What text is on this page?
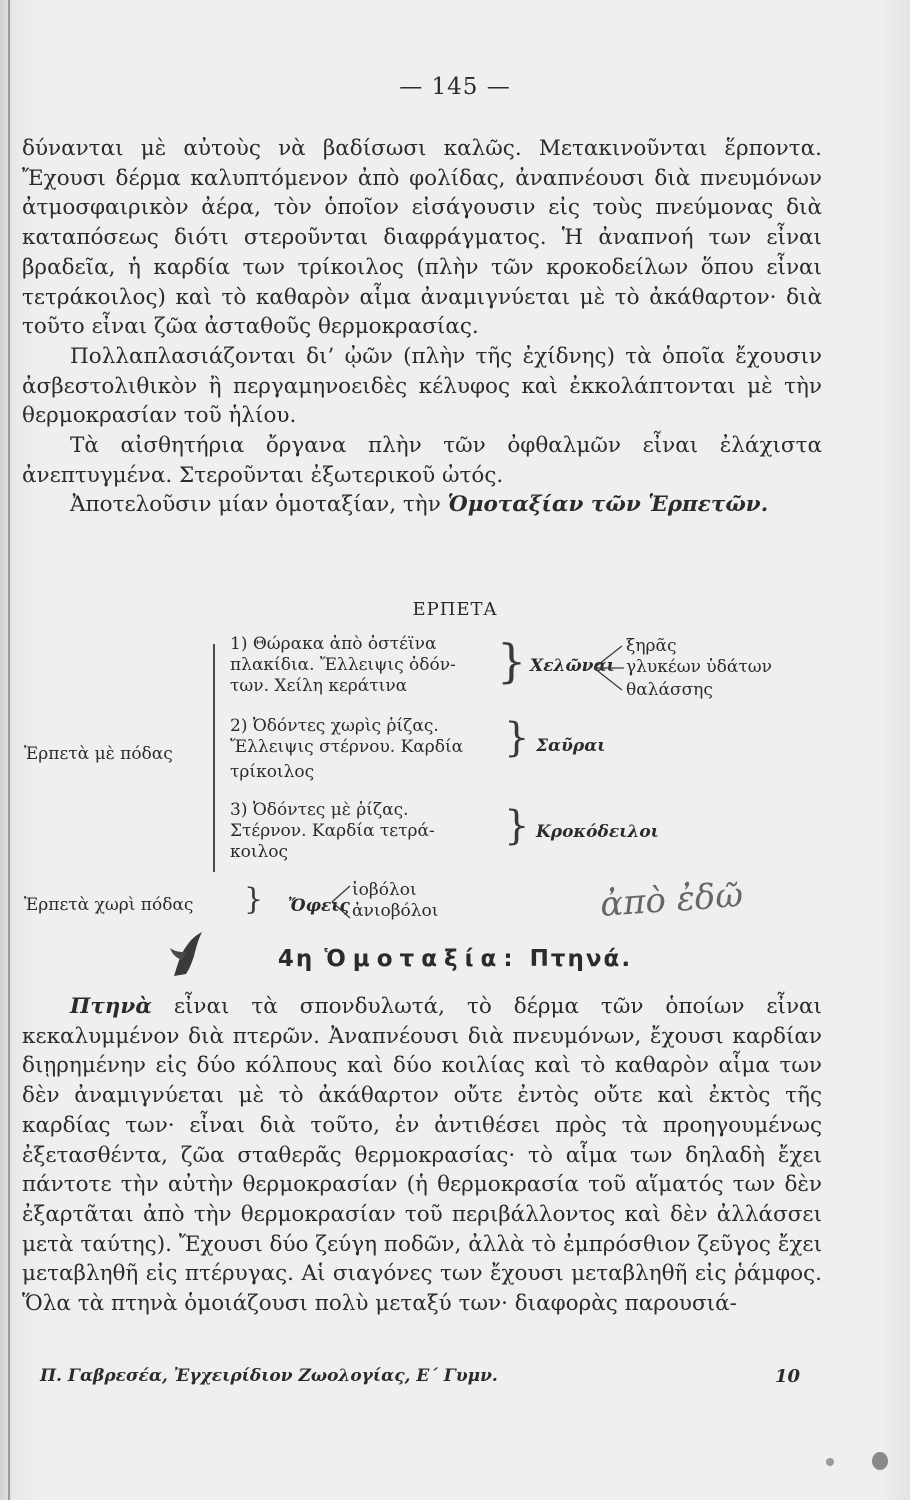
— 145 —

δύνανται μὲ αὐτοὺς νὰ βαδίσωσι καλῶς. Μετακινοῦνται ἕρποντα. Ἔχουσι δέρμα καλυπτόμενον ἀπὸ φολίδας, ἀναπνέουσι διὰ πνευμόνων ἀτμοσφαιρικὸν ἀέρα, τὸν ὁποῖον εἰσάγουσιν εἰς τοὺς πνεύμονας διὰ καταπόσεως διότι στεροῦνται διαφράγματος. Ἡ ἀναπνοή των εἶναι βραδεῖα, ἡ καρδία των τρίκοιλος (πλὴν τῶν κροκοδείλων ὅπου εἶναι τετράκοιλος) καὶ τὸ καθαρὸν αἷμα ἀναμιγνύεται μὲ τὸ ἀκάθαρτον· διὰ τοῦτο εἶναι ζῶα ἀσταθοῦς θερμοκρασίας.

Πολλαπλασιάζονται δι’ ᾠῶν (πλὴν τῆς ἐχίδνης) τὰ ὁποῖα ἔχουσιν ἀσβεστολιθικὸν ἢ περγαμηνοειδὲς κέλυφος καὶ ἐκκολάπτονται μὲ τὴν θερμοκρασίαν τοῦ ἡλίου.

Τὰ αἰσθητήρια ὄργανα πλὴν τῶν ὀφθαλμῶν εἶναι ἐλάχιστα ἀνεπτυγμένα. Στεροῦνται ἐξωτερικοῦ ὠτός.

Ἀποτελοῦσιν μίαν ὁμοταξίαν, τὴν Ὁμοταξίαν τῶν Ἑρπετῶν.

ΕΡΠΕΤΑ
Ἑρπετὰ μὲ πόδας
Ἑρπετὰ χωρὶ πόδας }
1) Θώρακα ἀπὸ ὀστέϊνα
πλακίδια. Ἔλλειψις ὀδόν-
των. Χείλη κεράτινα	} Χελῶναι
ξηρᾶς
γλυκέων ὑδάτων
θαλάσσης
2) Ὀδόντες χωρὶς ῥίζας.
Ἔλλειψις στέρνου. Καρδία
τρίκοιλος
} Σαῦραι
3) Ὀδόντες μὲ ῥίζας.
Στέρνον. Καρδία τετρά-
κοιλος
} Κροκόδειλοι
Ὄφεις
ἰοβόλοι
ἀνιοβόλοι	ἀπὸ ἐδῶ
4η Ὁμοταξία: Πτηνά.

Πτηνὰ εἶναι τὰ σπονδυλωτά, τὸ δέρμα τῶν ὁποίων εἶναι κεκαλυμμένον διὰ πτερῶν. Ἀναπνέουσι διὰ πνευμόνων, ἔχουσι καρδίαν διῃρημένην εἰς δύο κόλπους καὶ δύο κοιλίας καὶ τὸ καθαρὸν αἷμα των δὲν ἀναμιγνύεται μὲ τὸ ἀκάθαρτον οὔτε ἐντὸς οὔτε καὶ ἐκτὸς τῆς καρδίας των· εἶναι διὰ τοῦτο, ἐν ἀντιθέσει πρὸς τὰ προηγουμένως ἐξετασθέντα, ζῶα σταθερᾶς θερμοκρασίας· τὸ αἷμα των δηλαδὴ ἔχει πάντοτε τὴν αὐτὴν θερμοκρασίαν (ἡ θερμοκρασία τοῦ αἵματός των δὲν ἐξαρτᾶται ἀπὸ τὴν θερμοκρασίαν τοῦ περιβάλλοντος καὶ δὲν ἀλλάσσει μετὰ ταύτης). Ἔχουσι δύο ζεύγη ποδῶν, ἀλλὰ τὸ ἐμπρόσθιον ζεῦγος ἔχει μεταβληθῆ εἰς πτέρυγας. Αἱ σιαγόνες των ἔχουσι μεταβληθῆ εἰς ῥάμφος. Ὅλα τὰ πτηνὰ ὁμοιάζουσι πολὺ μεταξύ των· διαφορὰς παρουσιά-

Π. Γαβρεσέα, Ἐγχειρίδιον Ζωολογίας, Ε΄ Γυμν.	10
